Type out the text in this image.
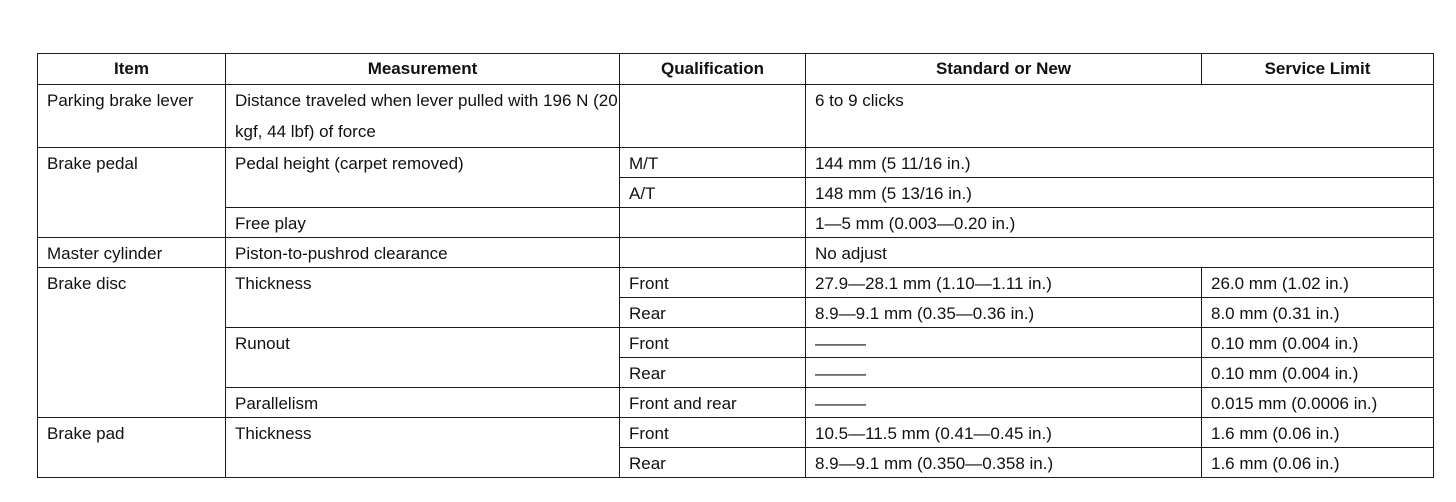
Item	Measurement	Qualification	Standard or New	Service Limit
Parking brake lever	Distance traveled when lever pulled with 196 N (20 kgf, 44 lbf) of force		6 to 9 clicks	
Brake pedal	Pedal height (carpet removed)	M/T	144 mm (5 11/16 in.)	
		A/T	148 mm (5 13/16 in.)	
	Free play		1—5 mm (0.003—0.20 in.)	
Master cylinder	Piston-to-pushrod clearance		No adjust	
Brake disc	Thickness	Front	27.9—28.1 mm (1.10—1.11 in.)	26.0 mm (1.02 in.)
		Rear	8.9—9.1 mm (0.35—0.36 in.)	8.0 mm (0.31 in.)
	Runout	Front	———	0.10 mm (0.004 in.)
		Rear	———	0.10 mm (0.004 in.)
	Parallelism	Front and rear	———	0.015 mm (0.0006 in.)
Brake pad	Thickness	Front	10.5—11.5 mm (0.41—0.45 in.)	1.6 mm (0.06 in.)
		Rear	8.9—9.1 mm (0.350—0.358 in.)	1.6 mm (0.06 in.)
